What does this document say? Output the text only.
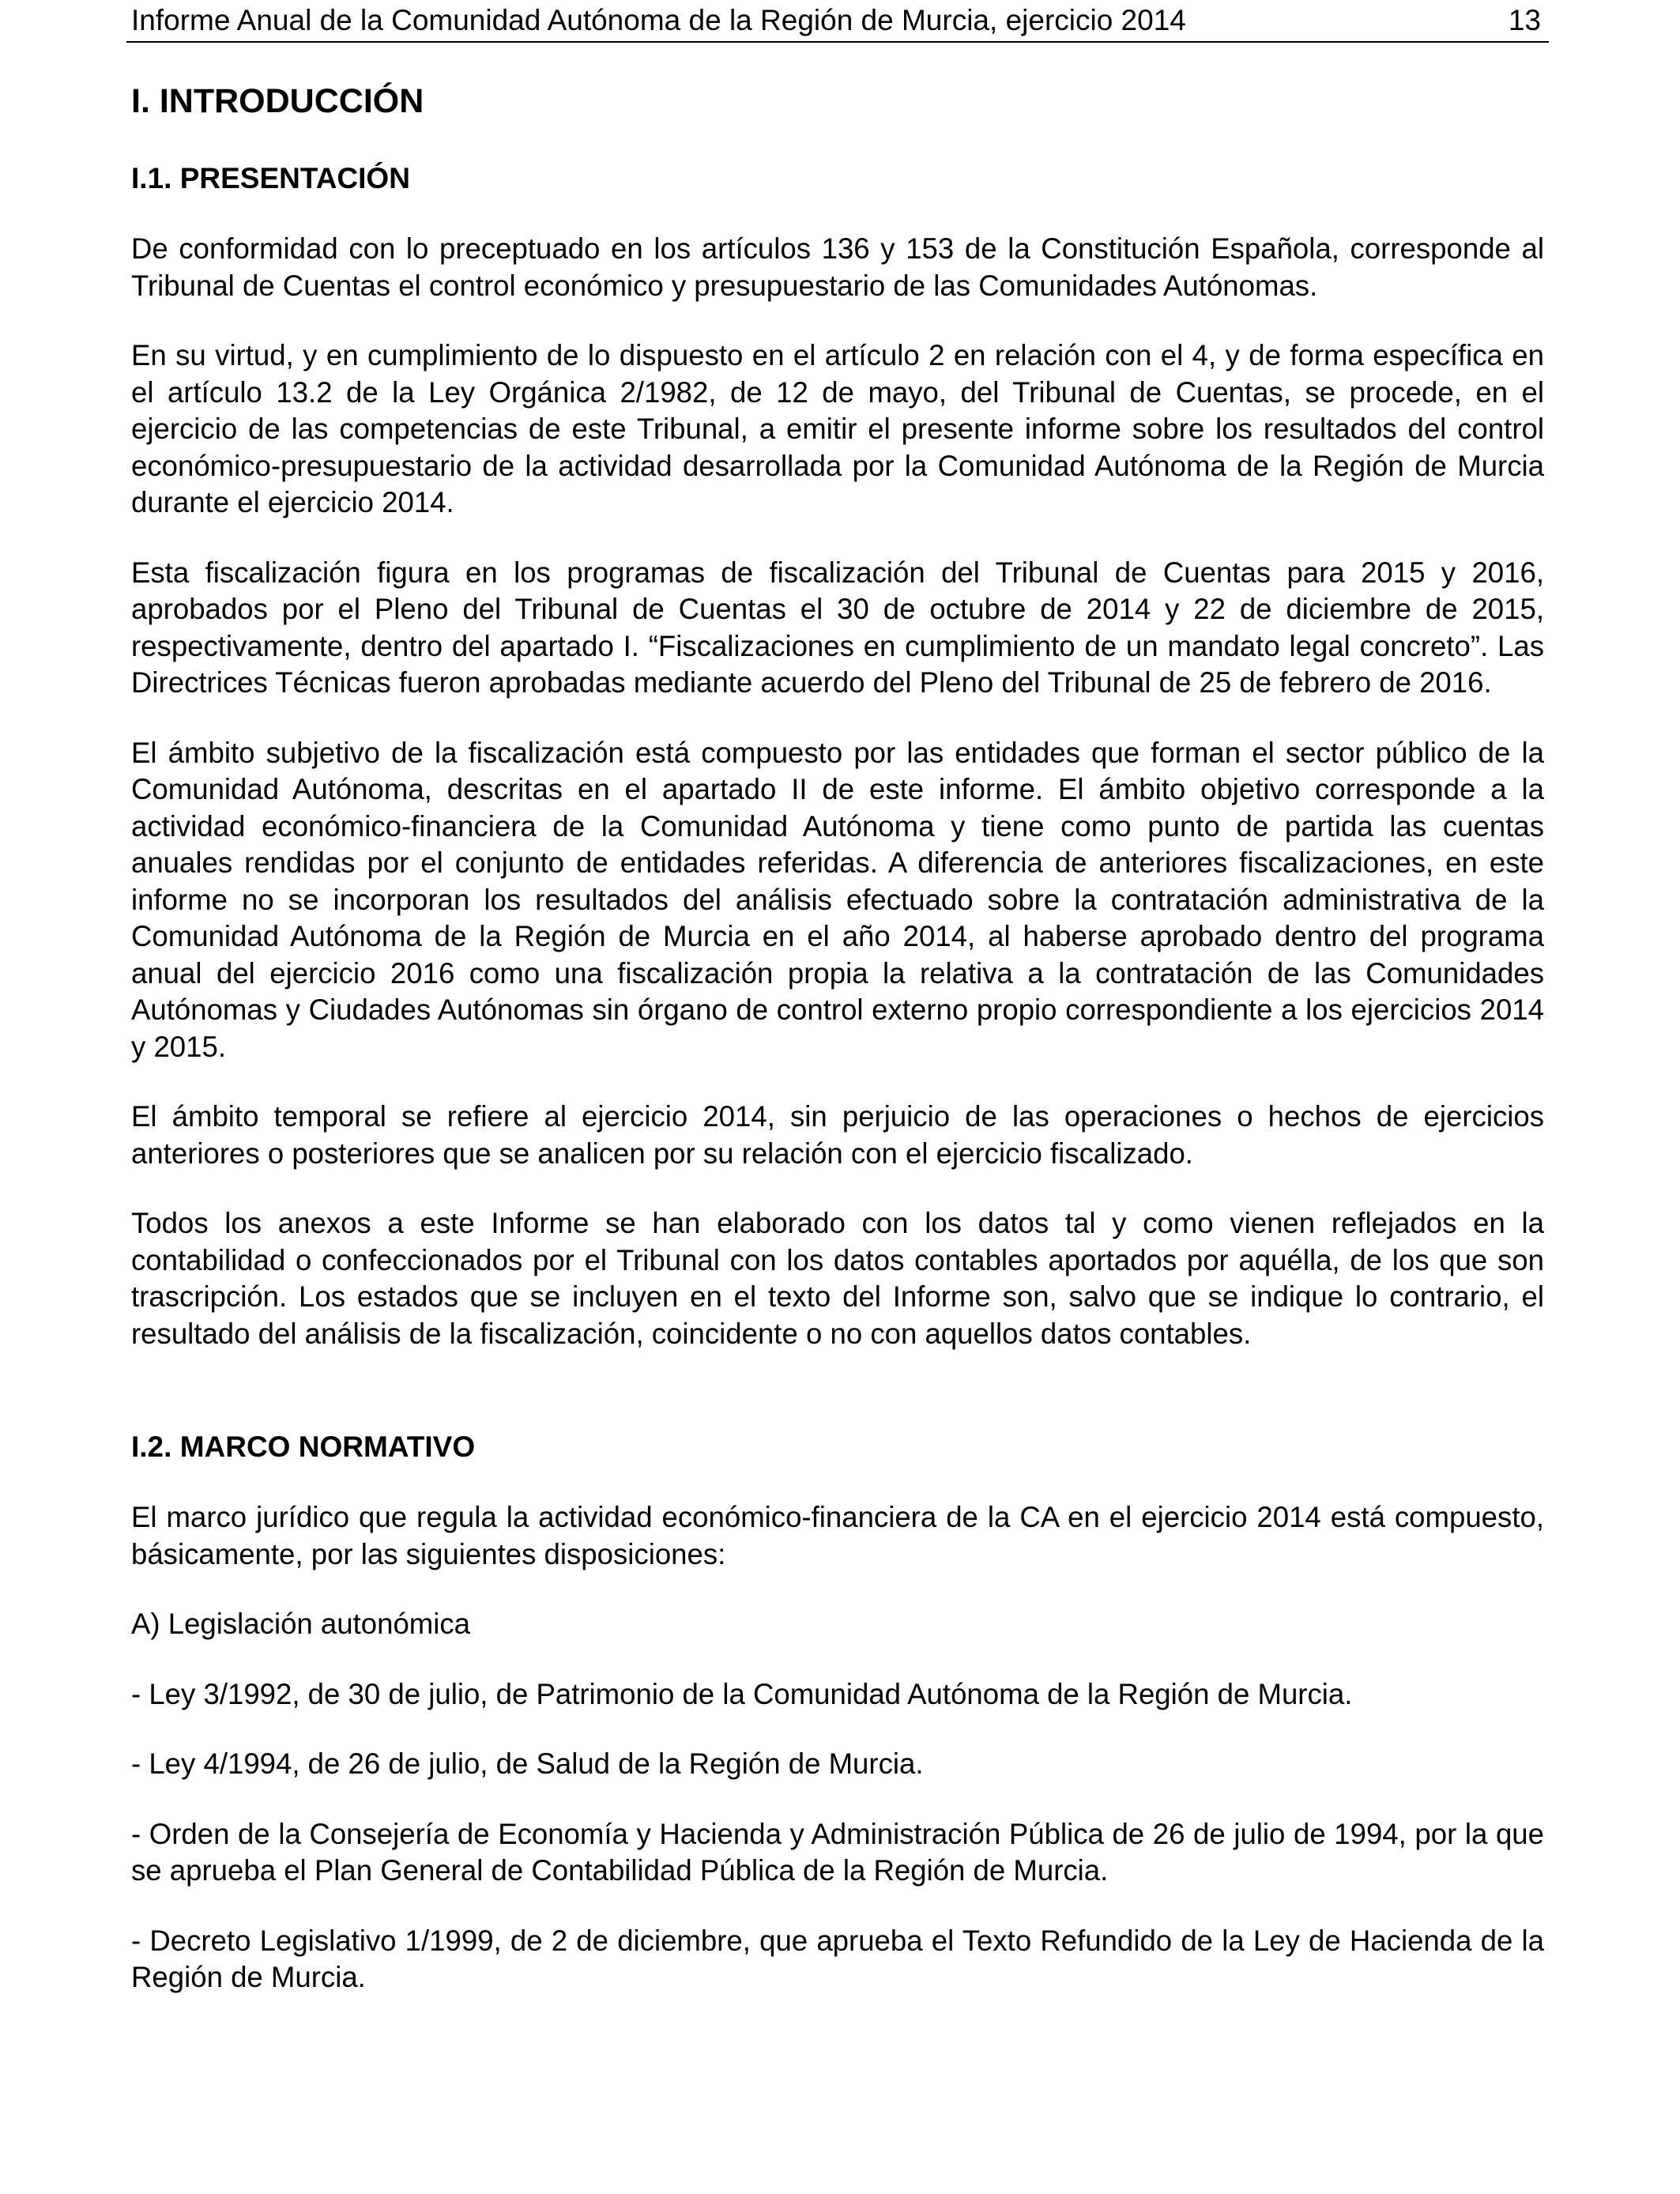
Informe Anual de la Comunidad Autónoma de la Región de Murcia, ejercicio 2014	13
I. INTRODUCCIÓN
I.1. PRESENTACIÓN

De conformidad con lo preceptuado en los artículos 136 y 153 de la Constitución Española, corresponde al Tribunal de Cuentas el control económico y presupuestario de las Comunidades Autónomas.

En su virtud, y en cumplimiento de lo dispuesto en el artículo 2 en relación con el 4, y de forma específica en el artículo 13.2 de la Ley Orgánica 2/1982, de 12 de mayo, del Tribunal de Cuentas, se procede, en el ejercicio de las competencias de este Tribunal, a emitir el presente informe sobre los resultados del control económico-presupuestario de la actividad desarrollada por la Comunidad Autónoma de la Región de Murcia durante el ejercicio 2014.

Esta fiscalización figura en los programas de fiscalización del Tribunal de Cuentas para 2015 y 2016, aprobados por el Pleno del Tribunal de Cuentas el 30 de octubre de 2014 y 22 de diciembre de 2015, respectivamente, dentro del apartado I. “Fiscalizaciones en cumplimiento de un mandato legal concreto”. Las Directrices Técnicas fueron aprobadas mediante acuerdo del Pleno del Tribunal de 25 de febrero de 2016.

El ámbito subjetivo de la fiscalización está compuesto por las entidades que forman el sector público de la Comunidad Autónoma, descritas en el apartado II de este informe. El ámbito objetivo corresponde a la actividad económico-financiera de la Comunidad Autónoma y tiene como punto de partida las cuentas anuales rendidas por el conjunto de entidades referidas. A diferencia de anteriores fiscalizaciones, en este informe no se incorporan los resultados del análisis efectuado sobre la contratación administrativa de la Comunidad Autónoma de la Región de Murcia en el año 2014, al haberse aprobado dentro del programa anual del ejercicio 2016 como una fiscalización propia la relativa a la contratación de las Comunidades Autónomas y Ciudades Autónomas sin órgano de control externo propio correspondiente a los ejercicios 2014 y 2015.

El ámbito temporal se refiere al ejercicio 2014, sin perjuicio de las operaciones o hechos de ejercicios anteriores o posteriores que se analicen por su relación con el ejercicio fiscalizado.

Todos los anexos a este Informe se han elaborado con los datos tal y como vienen reflejados en la contabilidad o confeccionados por el Tribunal con los datos contables aportados por aquélla, de los que son trascripción. Los estados que se incluyen en el texto del Informe son, salvo que se indique lo contrario, el resultado del análisis de la fiscalización, coincidente o no con aquellos datos contables.

I.2. MARCO NORMATIVO

El marco jurídico que regula la actividad económico-financiera de la CA en el ejercicio 2014 está compuesto, básicamente, por las siguientes disposiciones:

A) Legislación autonómica

- Ley 3/1992, de 30 de julio, de Patrimonio de la Comunidad Autónoma de la Región de Murcia.

- Ley 4/1994, de 26 de julio, de Salud de la Región de Murcia.

- Orden de la Consejería de Economía y Hacienda y Administración Pública de 26 de julio de 1994, por la que se aprueba el Plan General de Contabilidad Pública de la Región de Murcia.

- Decreto Legislativo 1/1999, de 2 de diciembre, que aprueba el Texto Refundido de la Ley de Hacienda de la Región de Murcia.
